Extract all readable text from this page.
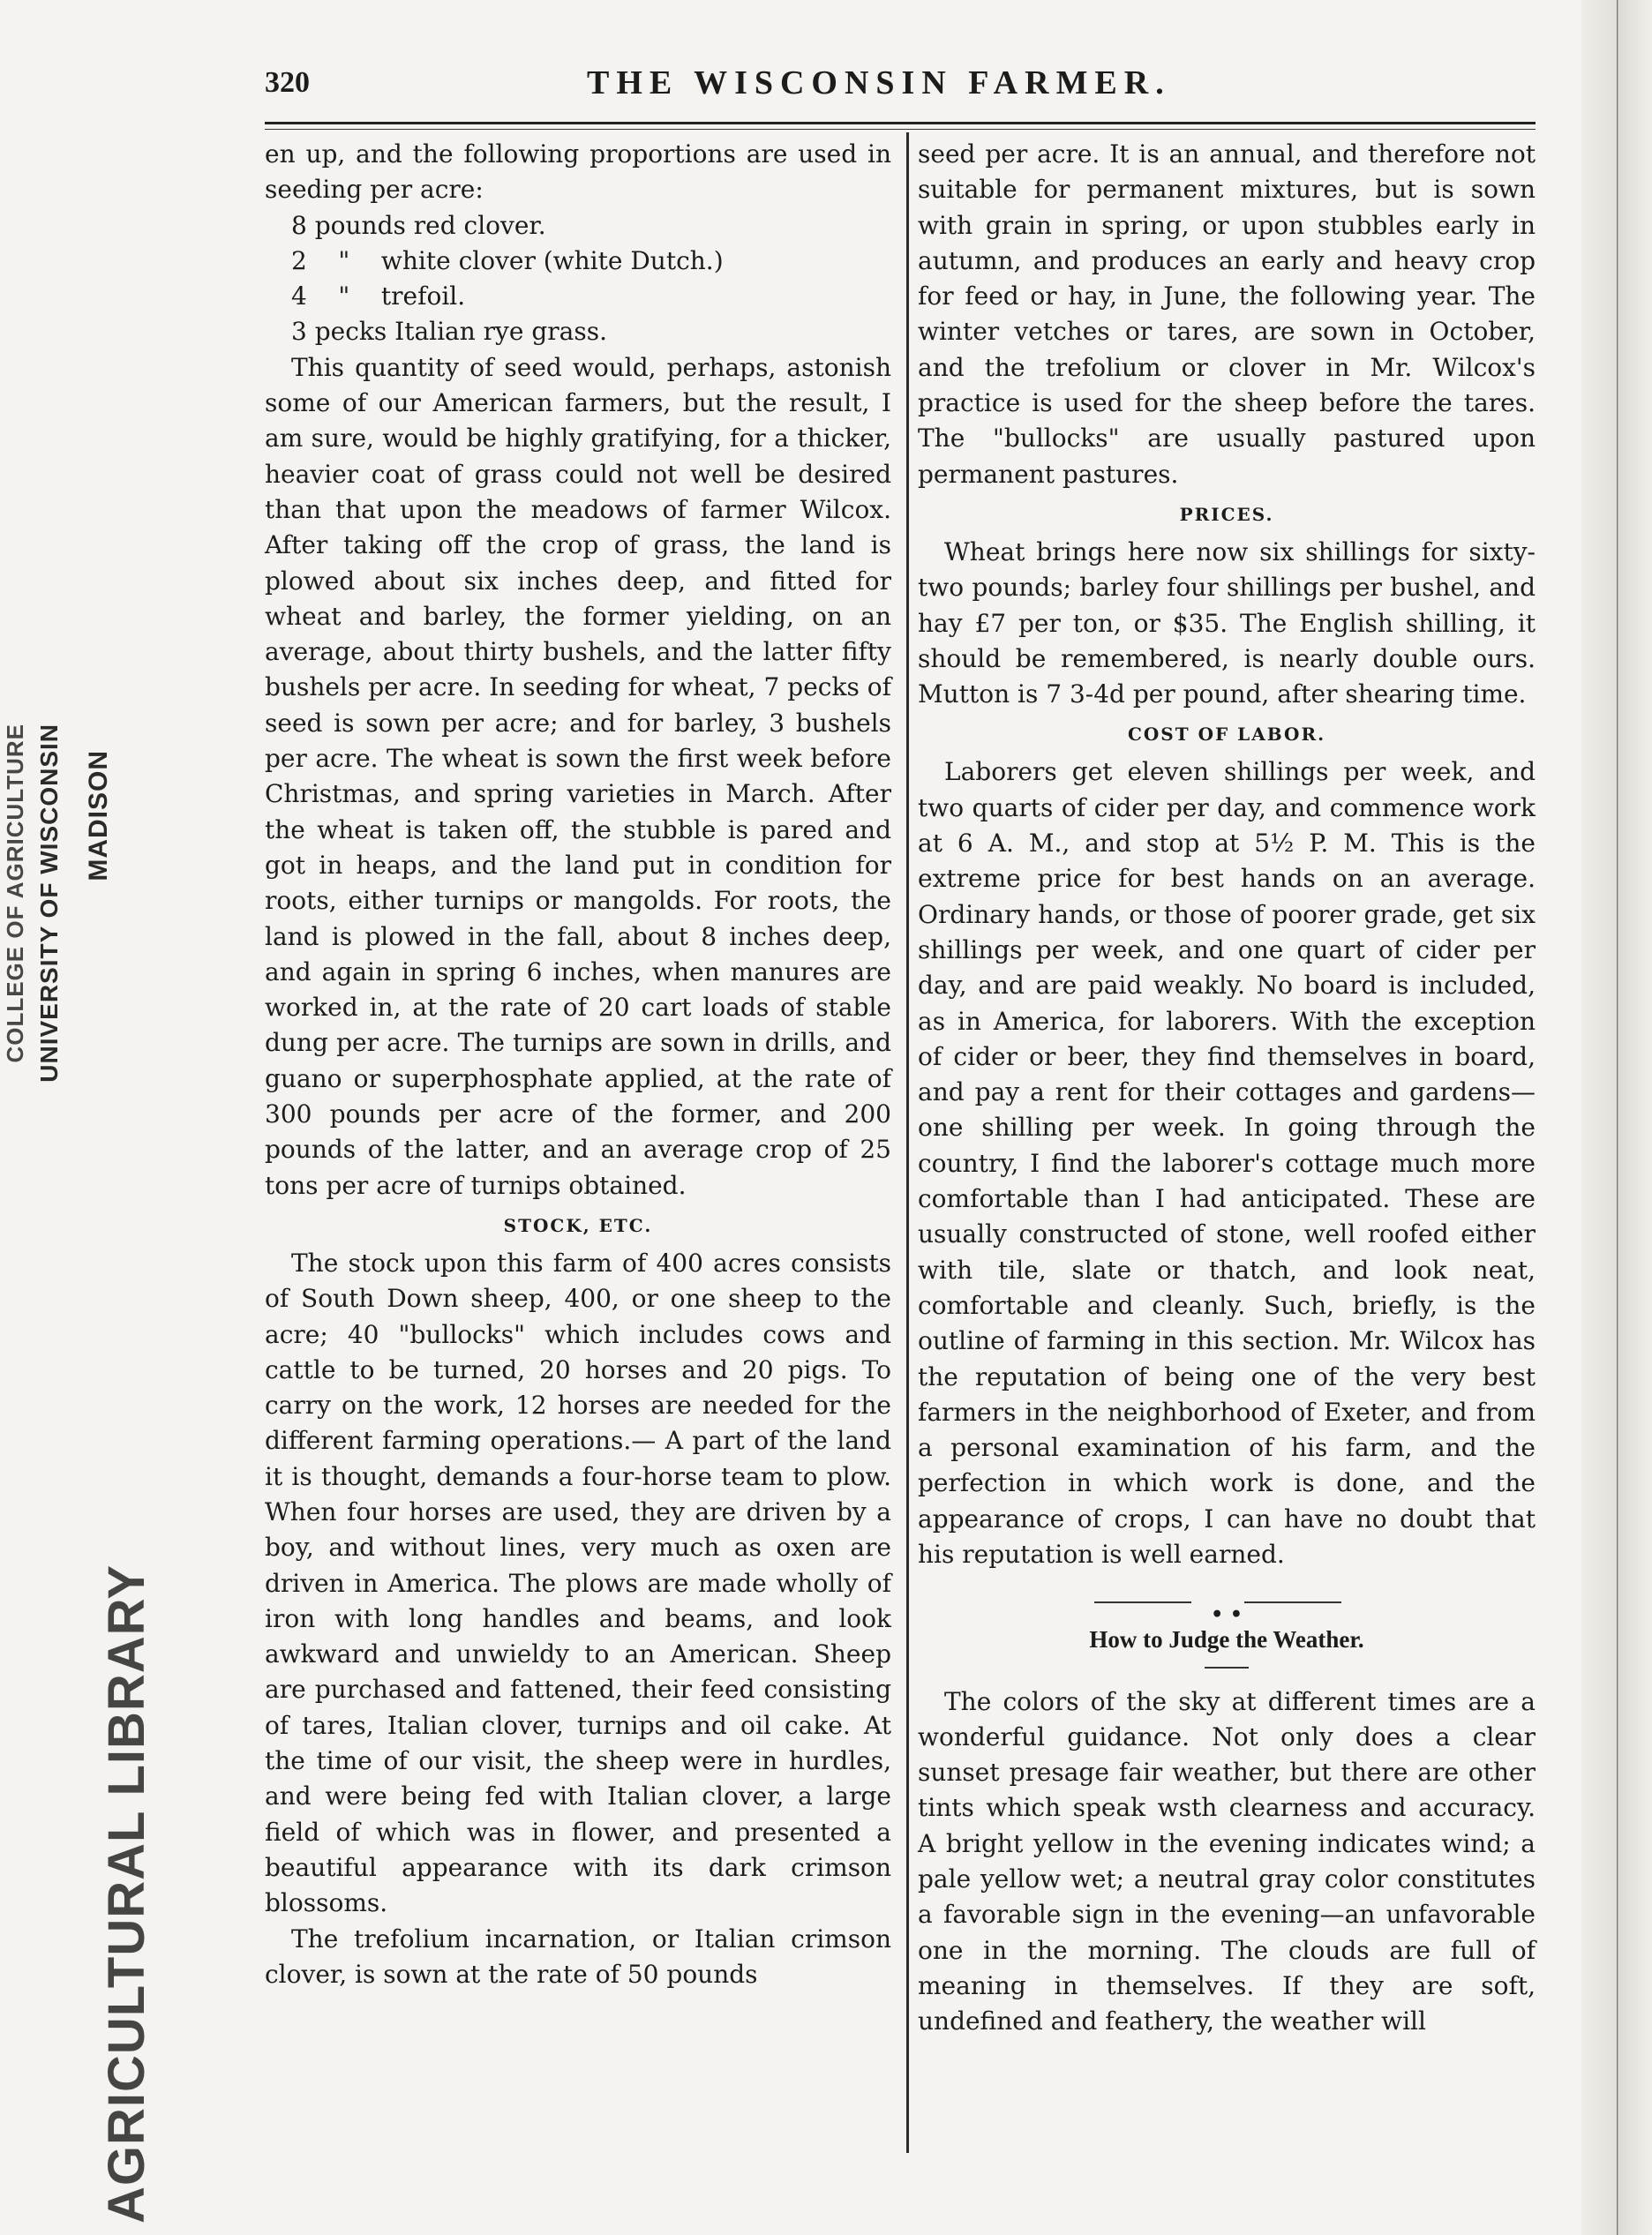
COLLEGE OF AGRICULTURE UNIVERSITY OF WISCONSIN MADISON
AGRICULTURAL LIBRARY
320	THE WISCONSIN FARMER.

en up, and the following proportions are used in seeding per acre:

8 pounds red clover.
2    "    white clover (white Dutch.)
4    "    trefoil.
3 pecks Italian rye grass.

This quantity of seed would, perhaps, astonish some of our American farmers, but the result, I am sure, would be highly gratifying, for a thicker, heavier coat of grass could not well be desired than that upon the meadows of farmer Wilcox. After taking off the crop of grass, the land is plowed about six inches deep, and fitted for wheat and barley, the former yielding, on an average, about thirty bushels, and the latter fifty bushels per acre. In seeding for wheat, 7 pecks of seed is sown per acre; and for barley, 3 bushels per acre. The wheat is sown the first week before Christmas, and spring varieties in March. After the wheat is taken off, the stubble is pared and got in heaps, and the land put in condition for roots, either turnips or mangolds. For roots, the land is plowed in the fall, about 8 inches deep, and again in spring 6 inches, when manures are worked in, at the rate of 20 cart loads of stable dung per acre. The turnips are sown in drills, and guano or superphosphate applied, at the rate of 300 pounds per acre of the former, and 200 pounds of the latter, and an average crop of 25 tons per acre of turnips obtained.

STOCK, ETC.

The stock upon this farm of 400 acres consists of South Down sheep, 400, or one sheep to the acre; 40 "bullocks" which includes cows and cattle to be turned, 20 horses and 20 pigs. To carry on the work, 12 horses are needed for the different farming operations.— A part of the land it is thought, demands a four-horse team to plow. When four horses are used, they are driven by a boy, and without lines, very much as oxen are driven in America. The plows are made wholly of iron with long handles and beams, and look awkward and unwieldy to an American. Sheep are purchased and fattened, their feed consisting of tares, Italian clover, turnips and oil cake. At the time of our visit, the sheep were in hurdles, and were being fed with Italian clover, a large field of which was in flower, and presented a beautiful appearance with its dark crimson blossoms.

The trefolium incarnation, or Italian crimson clover, is sown at the rate of 50 pounds

seed per acre. It is an annual, and therefore not suitable for permanent mixtures, but is sown with grain in spring, or upon stubbles early in autumn, and produces an early and heavy crop for feed or hay, in June, the following year. The winter vetches or tares, are sown in October, and the trefolium or clover in Mr. Wilcox's practice is used for the sheep before the tares. The "bullocks" are usually pastured upon permanent pastures.

PRICES.

Wheat brings here now six shillings for sixty-two pounds; barley four shillings per bushel, and hay £7 per ton, or $35. The English shilling, it should be remembered, is nearly double ours. Mutton is 7 3-4d per pound, after shearing time.

COST OF LABOR.

Laborers get eleven shillings per week, and two quarts of cider per day, and commence work at 6 A. M., and stop at 5½ P. M. This is the extreme price for best hands on an average. Ordinary hands, or those of poorer grade, get six shillings per week, and one quart of cider per day, and are paid weakly. No board is included, as in America, for laborers. With the exception of cider or beer, they find themselves in board, and pay a rent for their cottages and gardens—one shilling per week. In going through the country, I find the laborer's cottage much more comfortable than I had anticipated. These are usually constructed of stone, well roofed either with tile, slate or thatch, and look neat, comfortable and cleanly. Such, briefly, is the outline of farming in this section. Mr. Wilcox has the reputation of being one of the very best farmers in the neighborhood of Exeter, and from a personal examination of his farm, and the perfection in which work is done, and the appearance of crops, I can have no doubt that his reputation is well earned.

• •
How to Judge the Weather.

The colors of the sky at different times are a wonderful guidance. Not only does a clear sunset presage fair weather, but there are other tints which speak wsth clearness and accuracy. A bright yellow in the evening indicates wind; a pale yellow wet; a neutral gray color constitutes a favorable sign in the evening—an unfavorable one in the morning. The clouds are full of meaning in themselves. If they are soft, undefined and feathery, the weather will
